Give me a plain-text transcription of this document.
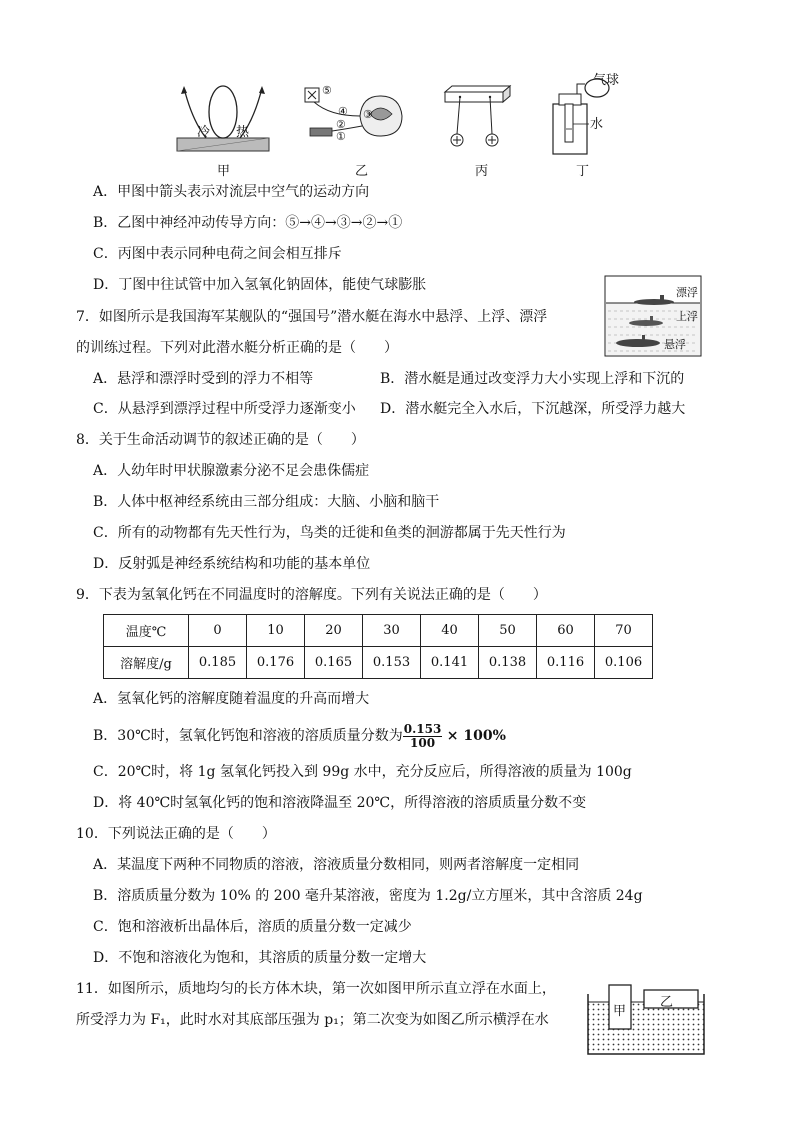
冷 热
甲
⑤
④ ③
②
①
乙	丙
气球
水
丁
A．甲图中箭头表示对流层中空气的运动方向
B．乙图中神经冲动传导方向：⑤→④→③→②→①
C．丙图中表示同种电荷之间会相互排斥
D．丁图中往试管中加入氢氧化钠固体，能使气球膨胀	漂浮
上浮
悬浮
7．如图所示是我国海军某舰队的“强国号”潜水艇在海水中悬浮、上浮、漂浮
的训练过程。下列对此潜水艇分析正确的是（　　）
A．悬浮和漂浮时受到的浮力不相等	B．潜水艇是通过改变浮力大小实现上浮和下沉的
C．从悬浮到漂浮过程中所受浮力逐渐变小 D．潜水艇完全入水后，下沉越深，所受浮力越大
8．关于生命活动调节的叙述正确的是（　　）
A．人幼年时甲状腺激素分泌不足会患侏儒症
B．人体中枢神经系统由三部分组成：大脑、小脑和脑干
C．所有的动物都有先天性行为，鸟类的迁徙和鱼类的洄游都属于先天性行为
D．反射弧是神经系统结构和功能的基本单位
9．下表为氢氧化钙在不同温度时的溶解度。下列有关说法正确的是（　　）
温度℃	0	10	20	30	40	50	60	70
溶解度/g	0.185	0.176	0.165	0.153	0.141	0.138	0.116	0.106
A．氢氧化钙的溶解度随着温度的升高而增大
B．30℃时，氢氧化钙饱和溶液的溶质质量分数为 $\frac{0.153}{100} \times 100\%$
C．20℃时，将 1g 氢氧化钙投入到 99g 水中，充分反应后，所得溶液的质量为 100g
D．将 40℃时氢氧化钙的饱和溶液降温至 20℃，所得溶液的溶质质量分数不变
10．下列说法正确的是（　　）
A．某温度下两种不同物质的溶液，溶液质量分数相同，则两者溶解度一定相同
B．溶质质量分数为 10% 的 200 毫升某溶液，密度为 1.2g/立方厘米，其中含溶质 24g
C．饱和溶液析出晶体后，溶质的质量分数一定减少
D．不饱和溶液化为饱和，其溶质的质量分数一定增大
11．如图所示，质地均匀的长方体木块，第一次如图甲所示直立浮在水面上，
所受浮力为 F₁，此时水对其底部压强为 p₁；第二次变为如图乙所示横浮在水
甲
乙
